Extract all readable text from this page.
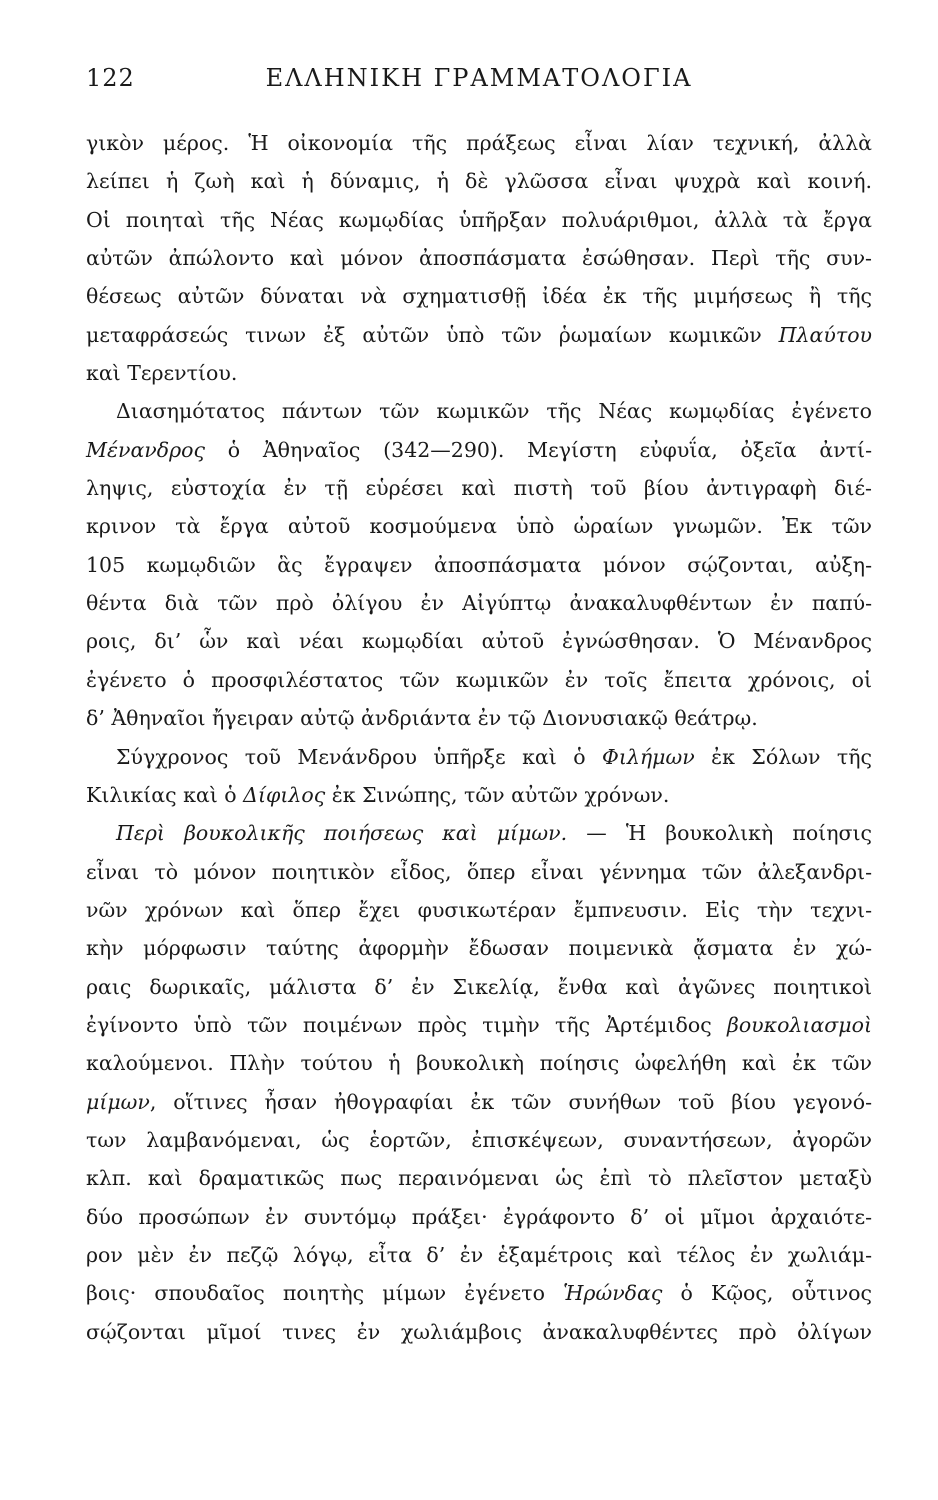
122	ΕΛΛΗΝΙΚΗ ΓΡΑΜΜΑΤΟΛΟΓΙΑ
γικὸν μέρος. Ἡ οἰκονομία τῆς πράξεως εἶναι λίαν τεχνική, ἀλλὰ
λείπει ἡ ζωὴ καὶ ἡ δύναμις, ἡ δὲ γλῶσσα εἶναι ψυχρὰ καὶ κοινή.
Οἱ ποιηταὶ τῆς Νέας κωμῳδίας ὑπῆρξαν πολυάριθμοι, ἀλλὰ τὰ ἔργα
αὐτῶν ἀπώλοντο καὶ μόνον ἀποσπάσματα ἐσώθησαν. Περὶ τῆς συν-
θέσεως αὐτῶν δύναται νὰ σχηματισθῇ ἰδέα ἐκ τῆς μιμήσεως ἢ τῆς
μεταφράσεώς τινων ἐξ αὐτῶν ὑπὸ τῶν ῥωμαίων κωμικῶν Πλαύτου
καὶ Τερεντίου.
Διασημότατος πάντων τῶν κωμικῶν τῆς Νέας κωμῳδίας ἐγένετο
Μένανδρος ὁ Ἀθηναῖος (342—290). Μεγίστη εὐφυΐα, ὀξεῖα ἀντί-
ληψις, εὐστοχία ἐν τῇ εὑρέσει καὶ πιστὴ τοῦ βίου ἀντιγραφὴ διέ-
κρινον τὰ ἔργα αὐτοῦ κοσμούμενα ὑπὸ ὡραίων γνωμῶν. Ἐκ τῶν
105 κωμῳδιῶν ἃς ἔγραψεν ἀποσπάσματα μόνον σῴζονται, αὐξη-
θέντα διὰ τῶν πρὸ ὀλίγου ἐν Αἰγύπτῳ ἀνακαλυφθέντων ἐν παπύ-
ροις, δι’ ὧν καὶ νέαι κωμῳδίαι αὐτοῦ ἐγνώσθησαν. Ὁ Μένανδρος
ἐγένετο ὁ προσφιλέστατος τῶν κωμικῶν ἐν τοῖς ἔπειτα χρόνοις, οἱ
δ’ Ἀθηναῖοι ἤγειραν αὐτῷ ἀνδριάντα ἐν τῷ Διονυσιακῷ θεάτρῳ.
Σύγχρονος τοῦ Μενάνδρου ὑπῆρξε καὶ ὁ Φιλήμων ἐκ Σόλων τῆς
Κιλικίας καὶ ὁ Δίφιλος ἐκ Σινώπης, τῶν αὐτῶν χρόνων.
Περὶ βουκολικῆς ποιήσεως καὶ μίμων. — Ἡ βουκολικὴ ποίησις
εἶναι τὸ μόνον ποιητικὸν εἶδος, ὅπερ εἶναι γέννημα τῶν ἀλεξανδρι-
νῶν χρόνων καὶ ὅπερ ἔχει φυσικωτέραν ἔμπνευσιν. Εἰς τὴν τεχνι-
κὴν μόρφωσιν ταύτης ἀφορμὴν ἔδωσαν ποιμενικὰ ᾄσματα ἐν χώ-
ραις δωρικαῖς, μάλιστα δ’ ἐν Σικελίᾳ, ἔνθα καὶ ἀγῶνες ποιητικοὶ
ἐγίνοντο ὑπὸ τῶν ποιμένων πρὸς τιμὴν τῆς Ἀρτέμιδος βουκολιασμοὶ
καλούμενοι. Πλὴν τούτου ἡ βουκολικὴ ποίησις ὠφελήθη καὶ ἐκ τῶν
μίμων, οἵτινες ἦσαν ἠθογραφίαι ἐκ τῶν συνήθων τοῦ βίου γεγονό-
των λαμβανόμεναι, ὡς ἑορτῶν, ἐπισκέψεων, συναντήσεων, ἀγορῶν
κλπ. καὶ δραματικῶς πως περαινόμεναι ὡς ἐπὶ τὸ πλεῖστον μεταξὺ
δύο προσώπων ἐν συντόμῳ πράξει· ἐγράφοντο δ’ οἱ μῖμοι ἀρχαιότε-
ρον μὲν ἐν πεζῷ λόγῳ, εἶτα δ’ ἐν ἑξαμέτροις καὶ τέλος ἐν χωλιάμ-
βοις· σπουδαῖος ποιητὴς μίμων ἐγένετο Ἡρώνδας ὁ Κῷος, οὗτινος
σῴζονται μῖμοί τινες ἐν χωλιάμβοις ἀνακαλυφθέντες πρὸ ὀλίγων
